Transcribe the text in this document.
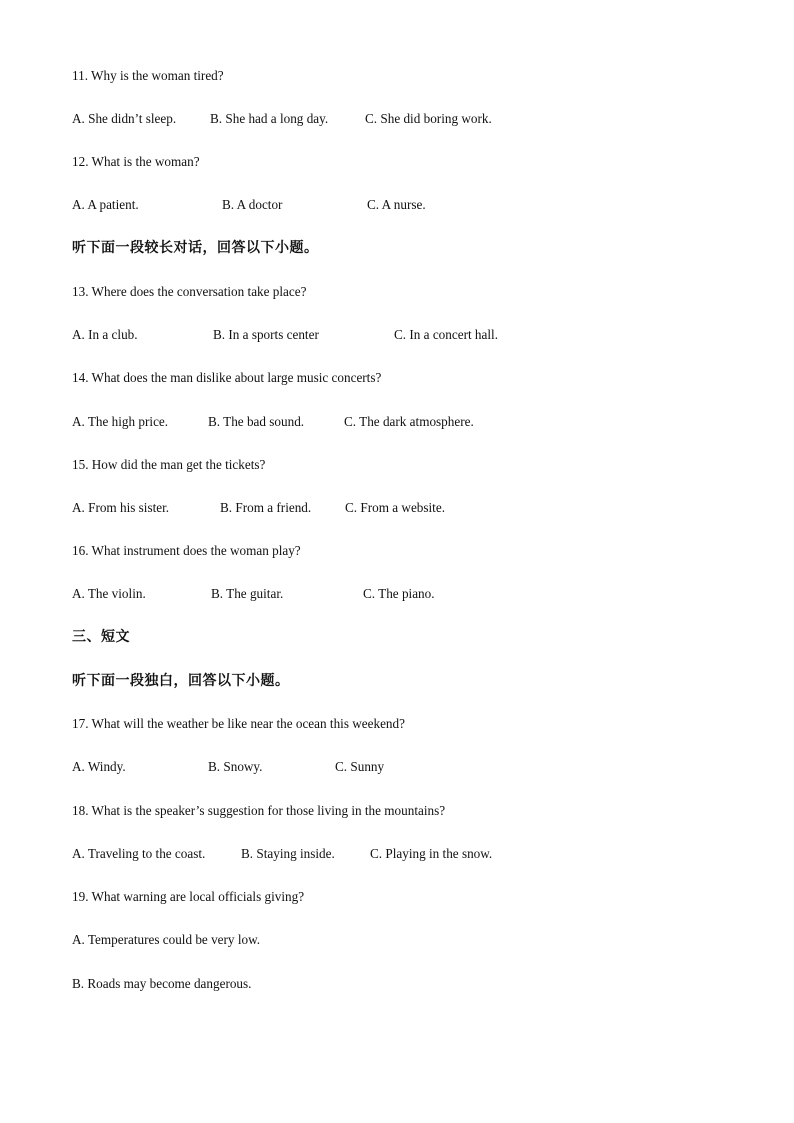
11. Why is the woman tired?
A. She didn’t sleep.	B. She had a long day.	C. She did boring work.
12. What is the woman?
A. A patient.	B. A doctor	C. A nurse.
听下面一段较长对话，回答以下小题。
13. Where does the conversation take place?
A. In a club.	B. In a sports center	C. In a concert hall.
14. What does the man dislike about large music concerts?
A. The high price.	B. The bad sound.	C. The dark atmosphere.
15. How did the man get the tickets?
A. From his sister.	B. From a friend.	C. From a website.
16. What instrument does the woman play?
A. The violin.	B. The guitar.	C. The piano.
三、短文
听下面一段独白，回答以下小题。
17. What will the weather be like near the ocean this weekend?
A. Windy.	B. Snowy.	C. Sunny
18. What is the speaker’s suggestion for those living in the mountains?
A. Traveling to the coast.	B. Staying inside.	C. Playing in the snow.
19. What warning are local officials giving?
A. Temperatures could be very low.
B. Roads may become dangerous.
